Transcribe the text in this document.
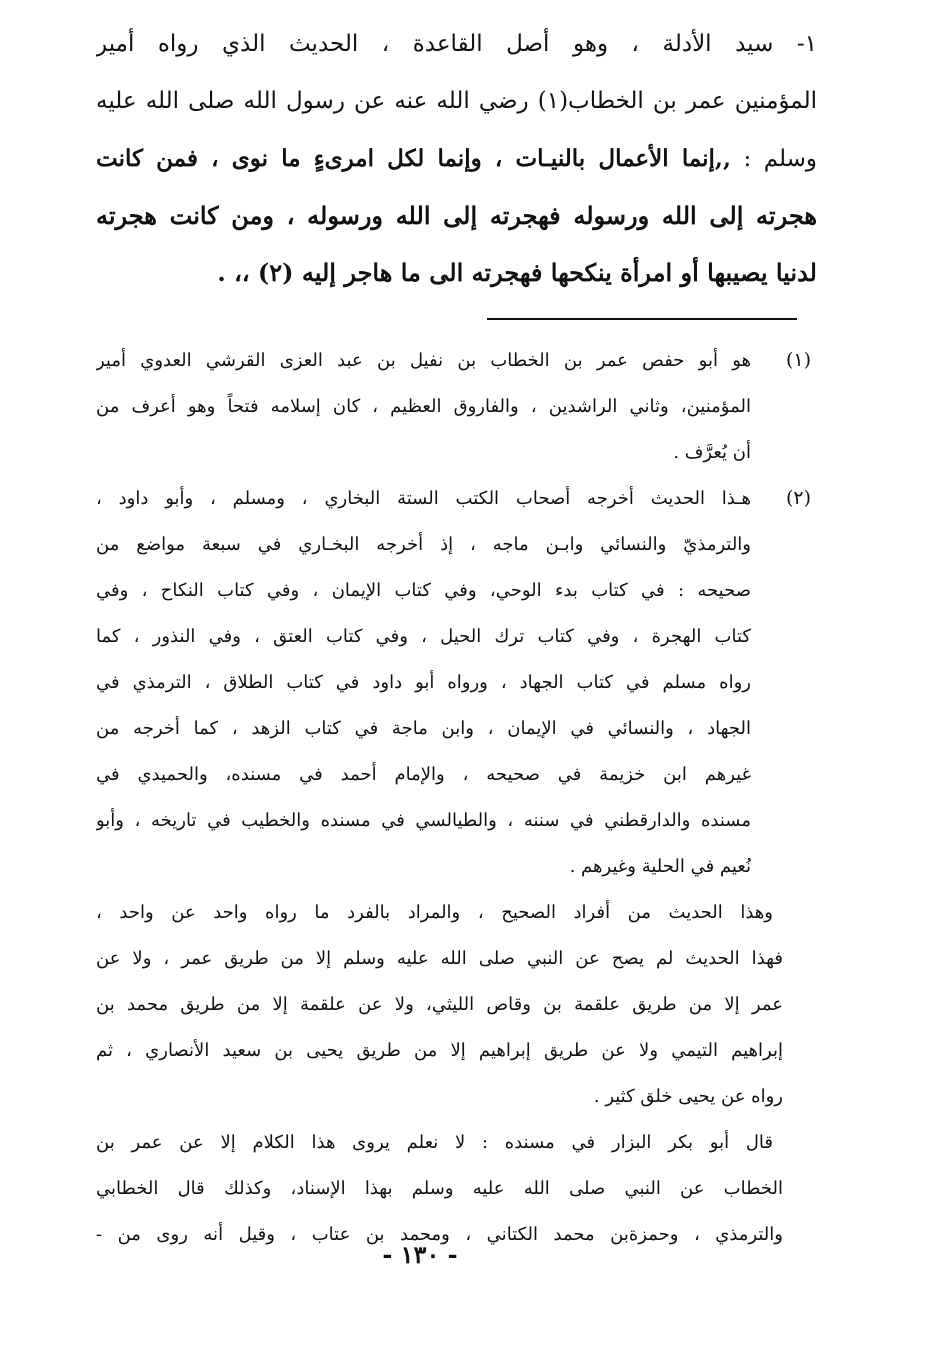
١- سيد الأدلة ، وهو أصل القاعدة ، الحديث الذي رواه أمير
المؤمنين عمر بن الخطاب(١) رضي الله عنه عن رسول الله صلى الله عليه
وسلم : ,,إنما الأعمال بالنيـات ، وإنما لكل امرىءٍ ما نوى ، فمن كانت
هجرته إلى الله ورسوله فهجرته إلى الله ورسوله ، ومن كانت هجرته
لدنيا يصيبها أو امرأة ينكحها فهجرته الى ما هاجر إليه (٢) ،، .
(١)
هو أبو حفص عمر بن الخطاب بن نفيل بن عبد العزى القرشي العدوي أمير
المؤمنين، وثاني الراشدين ، والفاروق العظيم ، كان إسلامه فتحاً وهو أعرف من
أن يُعرَّف .
(٢)
هـذا الحديث أخرجه أصحاب الكتب الستة البخاري ، ومسلم ، وأبو داود ،
والترمذيّ والنسائي وابـن ماجه ، إذ أخرجه البخـاري في سبعة مواضع من
صحيحه : في كتاب بدء الوحي، وفي كتاب الإيمان ، وفي كتاب النكاح ، وفي
كتاب الهجرة ، وفي كتاب ترك الحيل ، وفي كتاب العتق ، وفي النذور ، كما
رواه مسلم في كتاب الجهاد ، ورواه أبو داود في كتاب الطلاق ، الترمذي في
الجهاد ، والنسائي في الإيمان ، وابن ماجة في كتاب الزهد ، كما أخرجه من
غيرهم ابن خزيمة في صحيحه ، والإمام أحمد في مسنده، والحميدي في
مسنده والدارقطني في سننه ، والطيالسي في مسنده والخطيب في تاريخه ، وأبو
نُعيم في الحلية وغيرهم .
وهذا الحديث من أفراد الصحيح ، والمراد بالفرد ما رواه واحد عن واحد ،
فهذا الحديث لم يصح عن النبي صلى الله عليه وسلم إلا من طريق عمر ، ولا عن
عمر إلا من طريق علقمة بن وقاص الليثي، ولا عن علقمة إلا من طريق محمد بن
إبراهيم التيمي ولا عن طريق إبراهيم إلا من طريق يحيى بن سعيد الأنصاري ، ثم
رواه عن يحيى خلق كثير .
قال أبو بكر البزار في مسنده : لا نعلم يروى هذا الكلام إلا عن عمر بن
الخطاب عن النبي صلى الله عليه وسلم بهذا الإسناد، وكذلك قال الخطابي
والترمذي ، وحمزةبن محمد الكتاني ، ومحمد بن عتاب ، وقيل أنه روى من -
- ١٣٠ -
